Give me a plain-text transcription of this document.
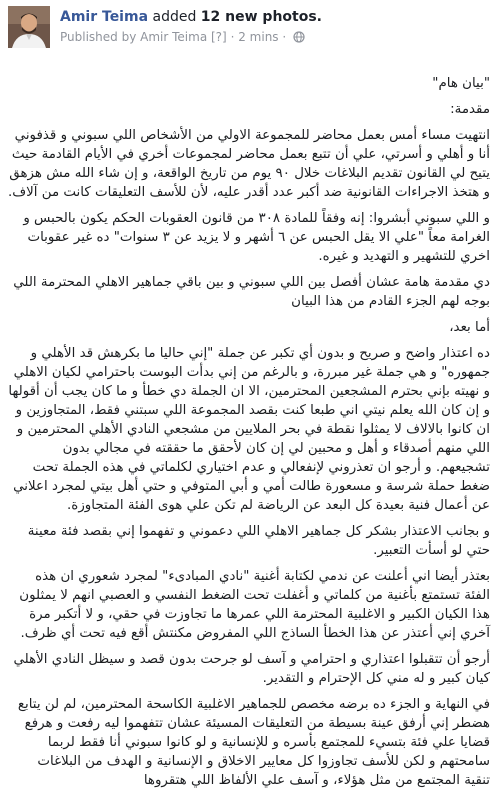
Amir Teima added 12 new photos.
Published by Amir Teima [?] · 2 mins ·

"بيان هام"

مقدمة:

انتهيت مساء أمس بعمل محاضر للمجموعة الاولي من الأشخاص اللي سبوني و قذفوني أنا و أهلي و أسرتي، علي أن تتبع بعمل محاضر لمجموعات أخري في الأيام القادمة حيث يتيح لي القانون تقديم البلاغات خلال ٩٠ يوم من تاريخ الواقعة، و إن شاء الله مش هزهق و هتخذ الاجراءات القانونية ضد أكبر عدد أقدر عليه، لأن للأسف التعليقات كانت من آلاف.

و اللي سبوني أبشروا: إنه وفقاً للمادة ٣٠٨ من قانون العقوبات الحكم يكون بالحبس و الغرامة معاً "علي الا يقل الحبس عن ٦ أشهر و لا يزيد عن ٣ سنوات" ده غير عقوبات اخري للتشهير و التهديد و غيره.

دي مقدمة هامة عشان أفصل بين اللي سبوني و بين باقي جماهير الاهلي المحترمة اللي بوجه لهم الجزء القادم من هذا البيان

أما بعد،

ده اعتذار واضح و صريح و بدون أي تكبر عن جملة "إني حاليا ما بكرهش قد الأهلي و جمهوره" و هي جملة غير مبررة، و بالرغم من إني بدأت البوست باحترامي لكيان الاهلي و نهيته بإني بحترم المشجعين المحترمين، الا ان الجملة دي خطأ و ما كان يجب أن أقولها و إن كان الله يعلم نيتي اني طبعا كنت بقصد المجموعة اللي سبتني فقط، المتجاوزين و ان كانوا بالالاف لا يمثلوا نقطة في بحر الملايين من مشجعي النادي الأهلي المحترمين و اللي منهم أصدقاء و أهل و محبين لي إن كان لأحقق ما حققته في مجالي بدون تشجيعهم. و أرجو ان تعذروني لإنفعالي و عدم اختياري لكلماتي في هذه الجملة تحت ضغط حملة شرسة و مسعورة طالت أمي و أبي المتوفي و حتي أهل بيتي لمجرد اعلاني عن أعمال فنية بعيدة كل البعد عن الرياضة لم تكن علي هوى الفئة المتجاوزة.

و بجانب الاعتذار بشكر كل جماهير الاهلي اللي دعموني و تفهموا إني بقصد فئة معينة حتي لو أسأت التعبير.

بعتذر أيضا اني أعلنت عن ندمي لكتابة أغنية "نادي المبادىء" لمجرد شعوري ان هذه الفئة تستمتع بأغنية من كلماتي و أغفلت تحت الضغط النفسي و العصبي انهم لا يمثلون هذا الكيان الكبير و الاغلبية المحترمة اللي عمرها ما تجاوزت في حقي، و لا أتكبر مرة آخري إني أعتذر عن هذا الخطأ الساذج اللي المفروض مكنتش أقع فيه تحت أي ظرف.

أرجو أن تتقبلوا اعتذاري و احترامي و آسف لو جرحت بدون قصد و سيظل النادي الأهلي كيان كبير و له مني كل الإحترام و التقدير.

في النهاية و الجزء ده برضه مخصص للجماهير الاغلبية الكاسحة المحترمين، لم لن يتابع هضطر إني أرفق عينة بسيطة من التعليقات المسيئة عشان تتفهموا ليه رفعت و هرفع قضايا علي فئة بتسيء للمجتمع بأسره و للإنسانية و لو كانوا سبوني أنا فقط لربما سامحتهم و لكن للأسف تجاوزوا كل معايير الاخلاق و الإنسانية و الهدف من البلاغات تنقية المجتمع من مثل هؤلاء، و آسف علي الألفاظ اللي هتقروها
